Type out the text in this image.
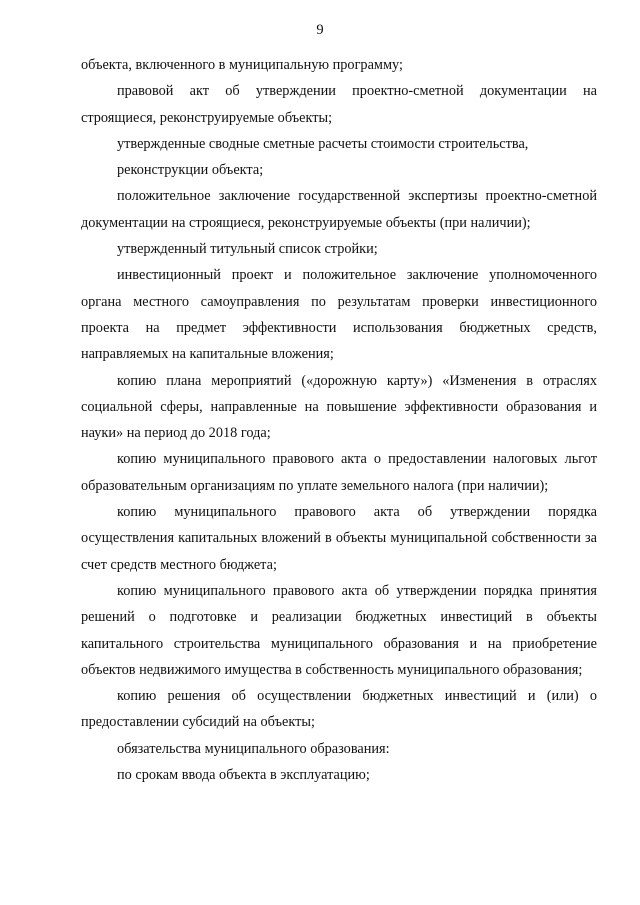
9

объекта, включенного в муниципальную программу;

правовой акт об утверждении проектно-сметной документации на строящиеся, реконструируемые объекты;

утвержденные сводные сметные расчеты стоимости строительства,

реконструкции объекта;

положительное заключение государственной экспертизы проектно-сметной документации на строящиеся, реконструируемые объекты (при наличии);

утвержденный титульный список стройки;

инвестиционный проект и положительное заключение уполномоченного органа местного самоуправления по результатам проверки инвестиционного проекта на предмет эффективности использования бюджетных средств, направляемых на капитальные вложения;

копию плана мероприятий («дорожную карту») «Изменения в отраслях социальной сферы, направленные на повышение эффективности образования и науки» на период до 2018 года;

копию муниципального правового акта о предоставлении налоговых льгот образовательным организациям по уплате земельного налога (при наличии);

копию муниципального правового акта об утверждении порядка осуществления капитальных вложений в объекты муниципальной собственности за счет средств местного бюджета;

копию муниципального правового акта об утверждении порядка принятия решений о подготовке и реализации бюджетных инвестиций в объекты капитального строительства муниципального образования и на приобретение объектов недвижимого имущества в собственность муниципального образования;

копию решения об осуществлении бюджетных инвестиций и (или) о предоставлении субсидий на объекты;

обязательства муниципального образования:

по срокам ввода объекта в эксплуатацию;
